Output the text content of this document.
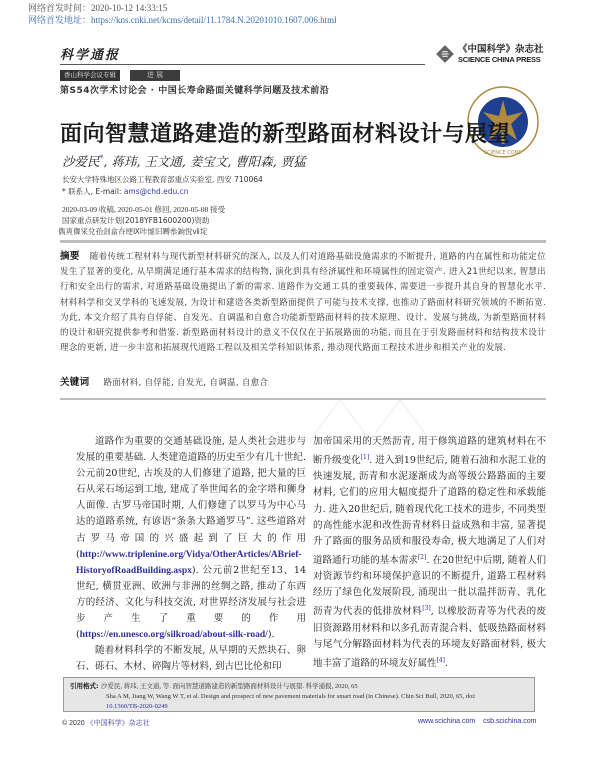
网络首发时间：2020-10-12 14:33:15
网络首发地址：https://kns.cnki.net/kcms/detail/11.1784.N.20201010.1607.006.html
科学通报
香山科学会议专辑	进 展
第S54次学术讨论会 · 中国长寿命路面关键科学问题及技术前沿
《中国科学》杂志社
SCIENCE CHINA PRESS
SCIENCE CONF.
面向智慧道路建造的新型路面材料设计与展望
沙爱民*, 蒋玮, 王文通, 姜宝文, 曹阳森, 贾猛
长安大学特殊地区公路工程教育部重点实验室, 西安 710064
* 联系人, E-mail: ams@chd.edu.cn
2020-03-09 收稿, 2020-05-01 修回, 2020-05-08 接受
国家重点研发计划(2018YFB1600200)资助
儁爽儛宩兌孡刽畣夻绠Ⅸ咔憈旧嚩叅銄悅ⅶ埞
摘要 随着传统工程材料与现代新型材料研究的深入, 以及人们对道路基础设施需求的不断提升, 道路的内在属性和功能定位发生了显著的变化, 从早期满足通行基本需求的结构物, 演化到具有经济属性和环境属性的固定资产. 进入21世纪以来, 智慧出行和安全出行的需求, 对道路基础设施提出了新的需求. 道路作为交通工具的重要载体, 需要进一步提升其自身的智慧化水平. 材料科学和交叉学科的飞速发展, 为设计和建造各类新型路面提供了可能与技术支撑, 也推动了路面材料研究领域的不断拓宽. 为此, 本文介绍了具有自俘能、自发光、自调温和自愈合功能新型路面材料的技术原理、设计、发展与挑战, 为新型路面材料的设计和研究提供参考和借鉴. 新型路面材料设计的意义不仅仅在于拓展路面的功能, 而且在于引发路面材料和结构技术设计理念的更新, 进一步丰富和拓展现代道路工程以及相关学科知识体系, 推动现代路面工程技术进步和相关产业的发展.
关键词 路面材料, 自俘能, 自发光, 自调温, 自愈合

道路作为重要的交通基础设施, 是人类社会进步与发展的重要基础. 人类建造道路的历史至少有几十世纪. 公元前20世纪, 古埃及的人们修建了道路, 把大量的巨石从采石场运到工地, 建成了举世闻名的金字塔和狮身人面像. 古罗马帝国时期, 人们修建了以罗马为中心马达的道路系统, 有谚语“条条大路通罗马”. 这些道路对古罗马帝国的兴盛起到了巨大的作用(http://www.triplenine.org/Vidya/OtherArticles/ABrief-HistoryofRoadBuilding.aspx). 公元前2世纪至13、14世纪, 横贯亚洲、欧洲与非洲的丝绸之路, 推动了东西方的经济、文化与科技交流, 对世界经济发展与社会进步产生了重要的作用(https://en.unesco.org/silkroad/about-silk-road/).

随着材料科学的不断发展, 从早期的天然块石、卵石、砾石、木材、碎陶片等材料, 到古巴比伦和印

加帝国采用的天然沥青, 用于修筑道路的建筑材料在不断升级变化[1]. 进入到19世纪后, 随着石油和水泥工业的快速发展, 沥青和水泥逐渐成为高等级公路路面的主要材料, 它们的应用大幅度提升了道路的稳定性和承载能力. 进入20世纪后, 随着现代化工技术的进步, 不同类型的高性能水泥和改性沥青材料日益成熟和丰富, 显著提升了路面的服务品质和服役寿命, 极大地满足了人们对道路通行功能的基本需求[2]. 在20世纪中后期, 随着人们对资源节约和环境保护意识的不断提升, 道路工程材料经历了绿色化发展阶段, 涌现出一批以温拌沥青、乳化沥青为代表的低排放材料[3], 以橡胶沥青等为代表的废旧资源路用材料和以多孔沥青混合料、低吸热路面材料与尾气分解路面材料为代表的环境友好路面材料, 极大地丰富了道路的环境友好属性[4].

引用格式: 沙爱民, 蒋玮, 王文通, 等. 面向智慧道路建造的新型路面材料设计与展望. 科学通报, 2020, 65
Sha A M, Jiang W, Wang W T, et al. Design and prospect of new pavement materials for smart road (in Chinese). Chin Sci Bull, 2020, 65, doi:
10.1360/TB-2020-0249
© 2020 《中国科学》杂志社	www.scichina.com csb.scichina.com
